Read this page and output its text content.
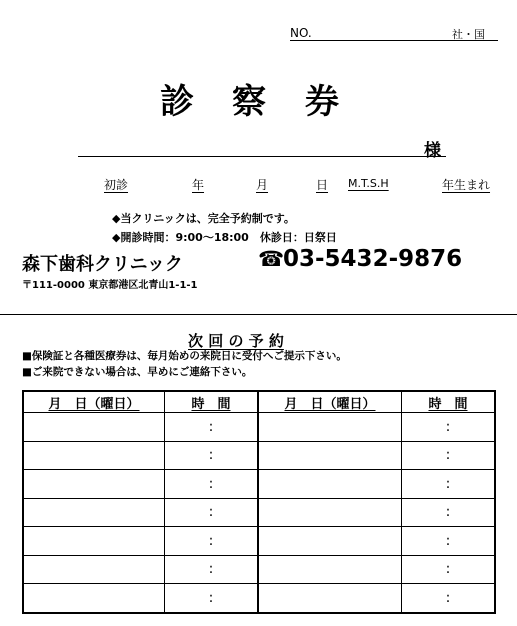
NO.	社・国
診 察 券
様
初診	年	月	日 M.T.S.H	年生まれ
◆当クリニックは、完全予約制です。
◆開診時間：9:00～18:00　休診日：日祭日
森下歯科クリニック	☎
03-5432-9876
〒111-0000 東京都港区北青山1-1-1
次 回 の 予 約
■保険証と各種医療券は、毎月始めの来院日に受付へご提示下さい。
■ご来院できない場合は、早めにご連絡下さい。
月　日（曜日）	時　間	月　日（曜日）	時　間
	:		:
	:		:
	:		:
	:		:
	:		:
	:		:
	:		:
